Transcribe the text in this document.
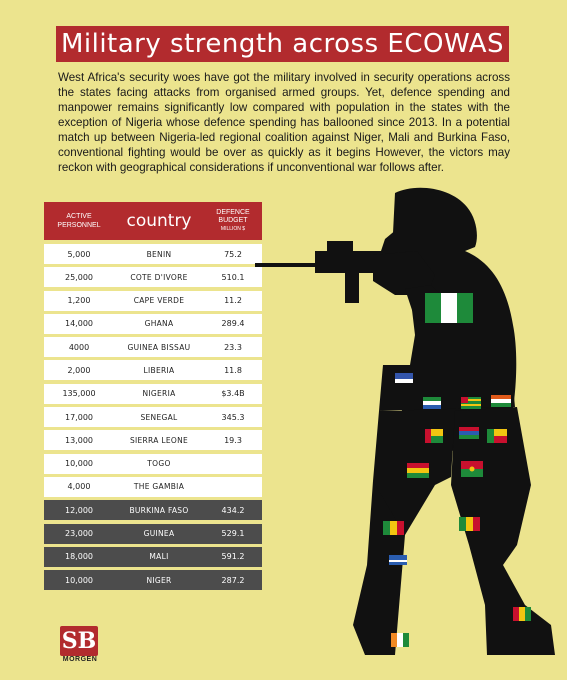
Military strength across ECOWAS

West Africa's security woes have got the military involved in security operations across the states facing attacks from organised armed groups. Yet, defence spending and manpower remains significantly low compared with population in the states with the exception of Nigeria whose defence spending has ballooned since 2013. In a potential match up between Nigeria-led regional coalition against Niger, Mali and Burkina Faso, conventional fighting would be over as quickly as it begins However, the victors may reckon with geographical considerations if unconventional war follows after.

ACTIVE PERSONNEL	country	DEFENCE BUDGET
MILLION $
5,000	BENIN	75.2
25,000	COTE D'IVORE	510.1
1,200	CAPE VERDE	11.2
14,000	GHANA	289.4
4000	GUINEA BISSAU	23.3
2,000	LIBERIA	11.8
135,000	NIGERIA	$3.4B
17,000	SENEGAL	345.3
13,000	SIERRA LEONE	19.3
10,000	TOGO
4,000	THE GAMBIA
12,000	BURKINA FASO	434.2
23,000	GUINEA	529.1
18,000	MALI	591.2
10,000	NIGER	287.2
SB
MORGEN
